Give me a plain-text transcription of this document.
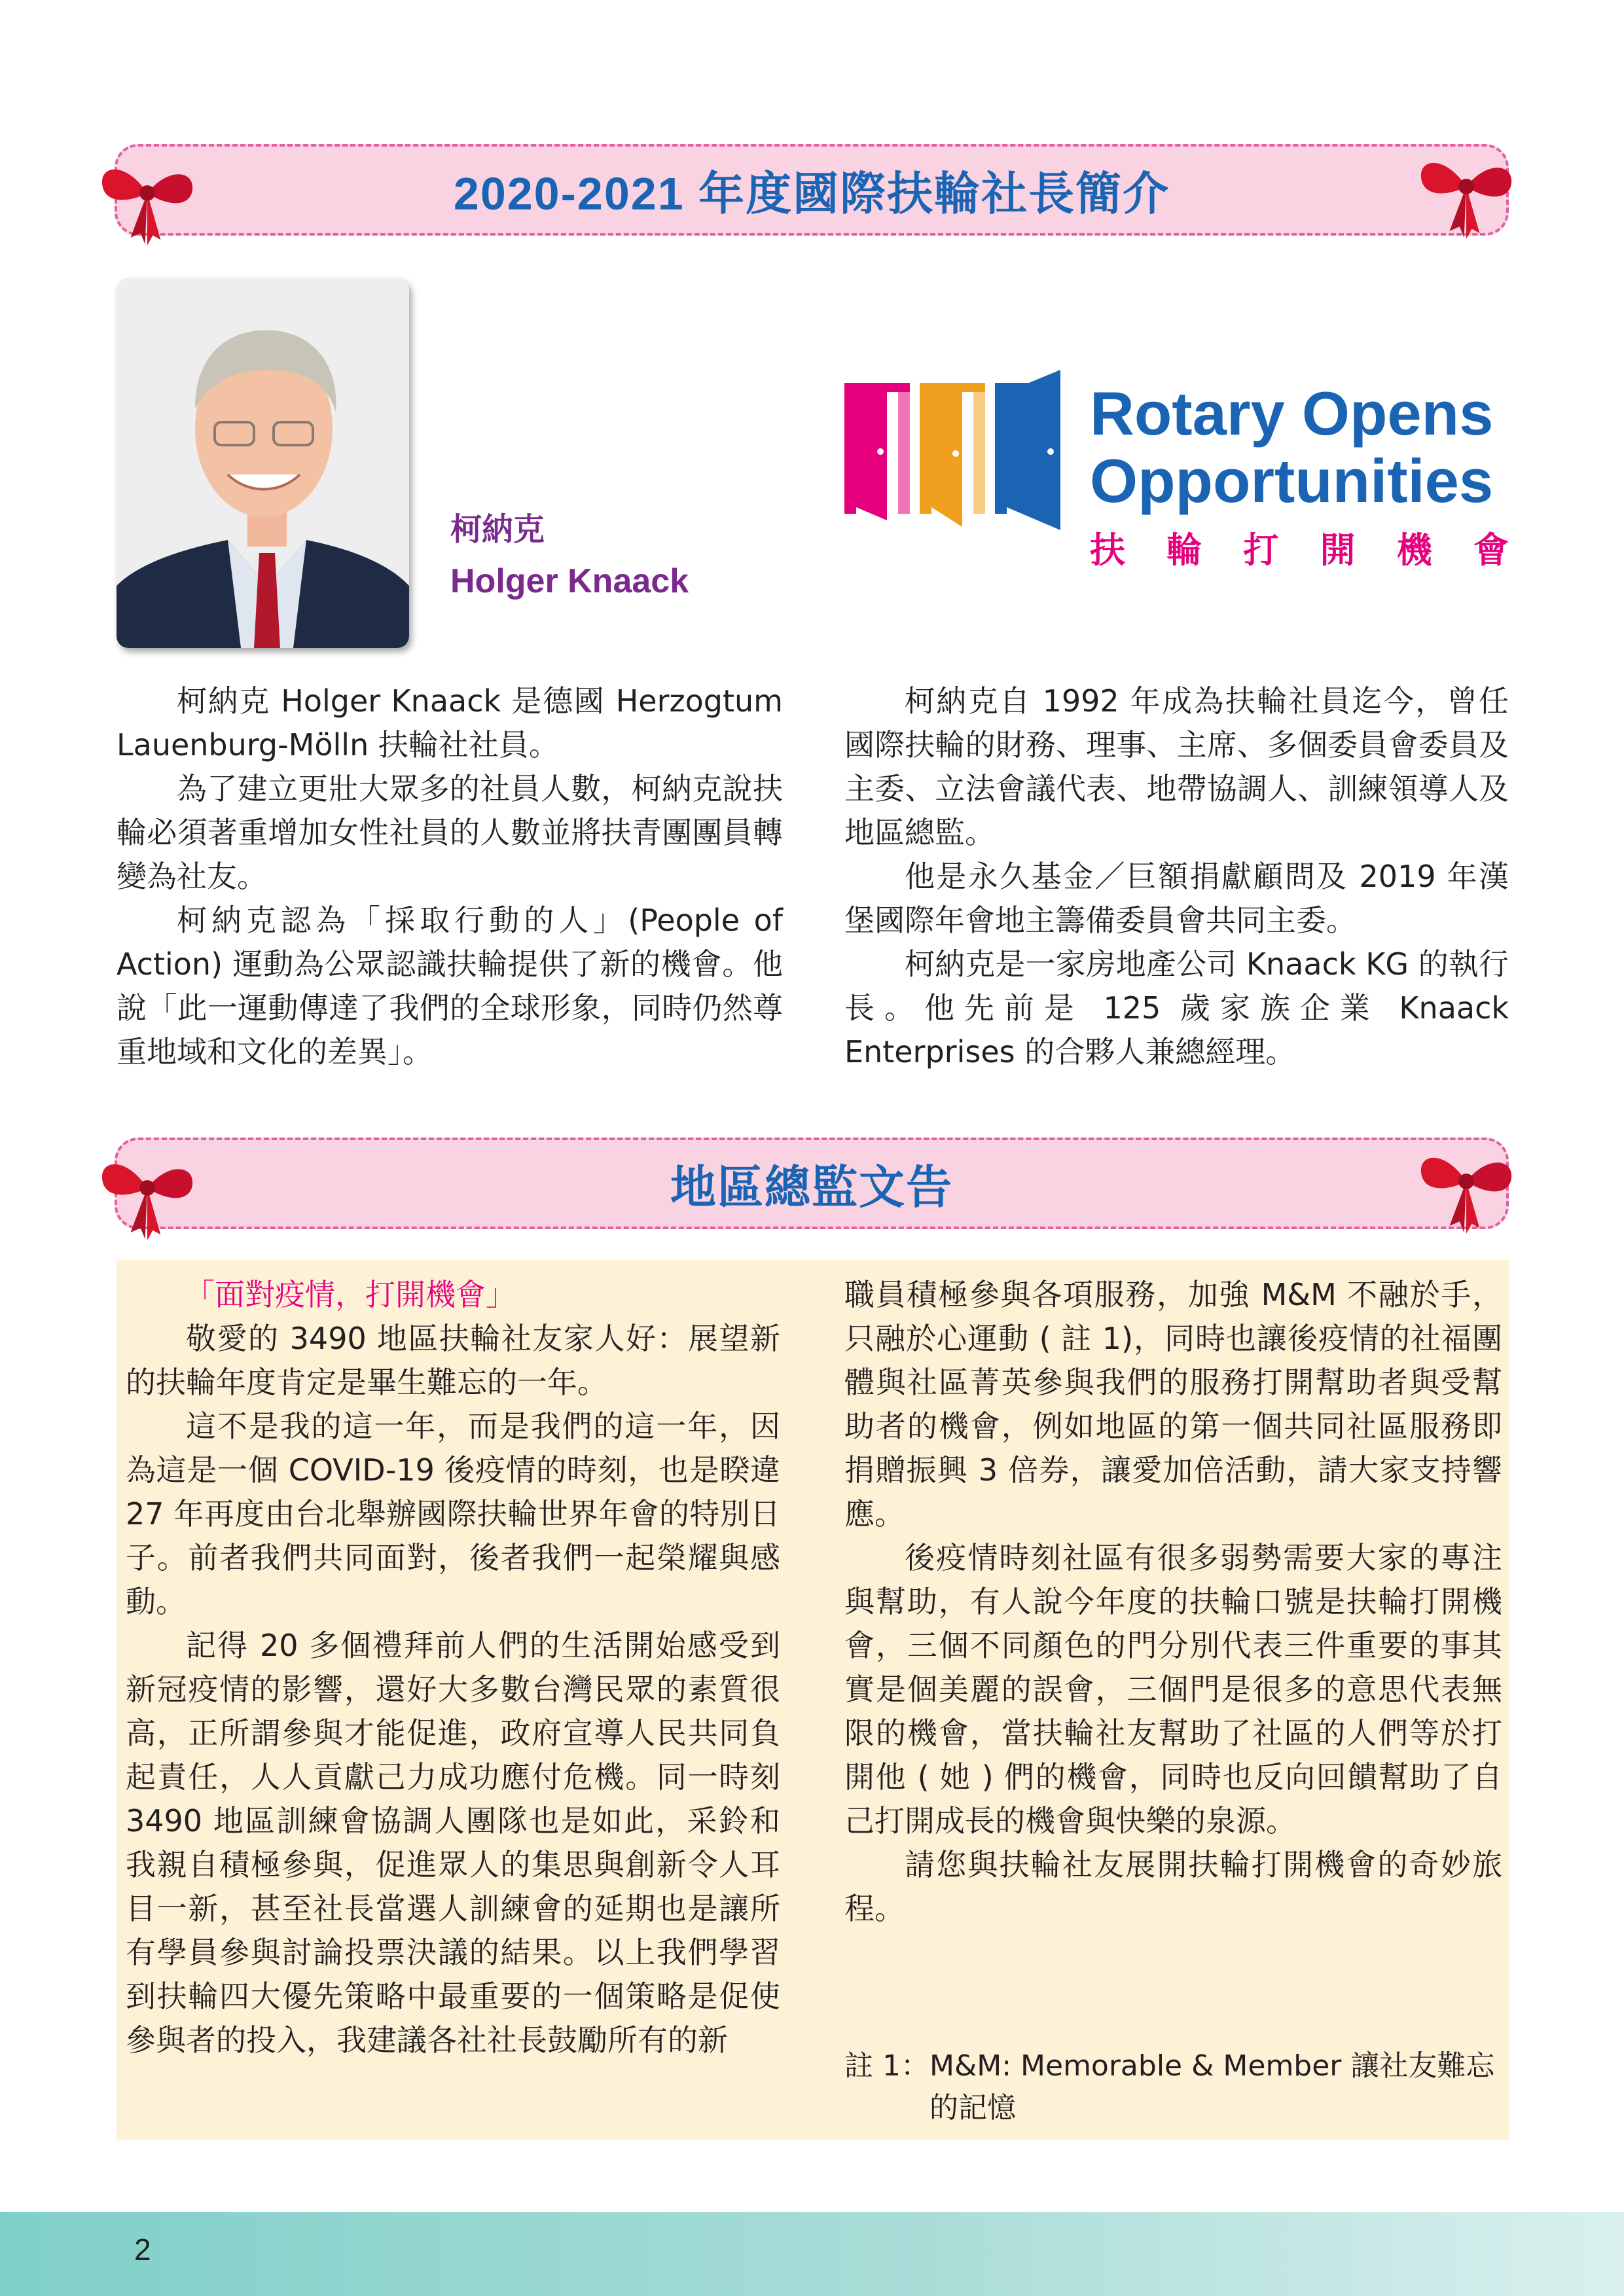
2020-2021 年度國際扶輪社長簡介
柯納克
Holger Knaack
Rotary Opens
Opportunities
扶 輪 打 開 機 會

柯納克 Holger Knaack 是德國 Herzogtum Lauenburg-Mölln 扶輪社社員。

為了建立更壯大眾多的社員人數，柯納克說扶輪必須著重增加女性社員的人數並將扶青團團員轉變為社友。

柯納克認為「採取行動的人」(People of Action) 運動為公眾認識扶輪提供了新的機會。他說「此一運動傳達了我們的全球形象，同時仍然尊重地域和文化的差異」。

柯納克自 1992 年成為扶輪社員迄今，曾任國際扶輪的財務、理事、主席、多個委員會委員及主委、立法會議代表、地帶協調人、訓練領導人及地區總監。

他是永久基金／巨額捐獻顧問及 2019 年漢堡國際年會地主籌備委員會共同主委。

柯納克是一家房地產公司 Knaack KG 的執行長。他先前是 125 歲家族企業 Knaack Enterprises 的合夥人兼總經理。

地區總監文告

「面對疫情，打開機會」

敬愛的 3490 地區扶輪社友家人好：展望新的扶輪年度肯定是畢生難忘的一年。

這不是我的這一年，而是我們的這一年，因為這是一個 COVID-19 後疫情的時刻，也是睽違 27 年再度由台北舉辦國際扶輪世界年會的特別日子。前者我們共同面對，後者我們一起榮耀與感動。

記得 20 多個禮拜前人們的生活開始感受到新冠疫情的影響，還好大多數台灣民眾的素質很高，正所謂參與才能促進，政府宣導人民共同負起責任，人人貢獻己力成功應付危機。同一時刻 3490 地區訓練會協調人團隊也是如此，采鈴和我親自積極參與，促進眾人的集思與創新令人耳目一新，甚至社長當選人訓練會的延期也是讓所有學員參與討論投票決議的結果。以上我們學習到扶輪四大優先策略中最重要的一個策略是促使參與者的投入，我建議各社社長鼓勵所有的新

職員積極參與各項服務，加強 M&M 不融於手，只融於心運動 ( 註 1)，同時也讓後疫情的社福團體與社區菁英參與我們的服務打開幫助者與受幫助者的機會，例如地區的第一個共同社區服務即捐贈振興 3 倍券，讓愛加倍活動，請大家支持響應。

後疫情時刻社區有很多弱勢需要大家的專注與幫助，有人說今年度的扶輪口號是扶輪打開機會，三個不同顏色的門分別代表三件重要的事其實是個美麗的誤會，三個門是很多的意思代表無限的機會，當扶輪社友幫助了社區的人們等於打開他 ( 她 ) 們的機會，同時也反向回饋幫助了自己打開成長的機會與快樂的泉源。

請您與扶輪社友展開扶輪打開機會的奇妙旅程。

註 1： M&M: Memorable & Member 讓社友難忘的記憶
2
